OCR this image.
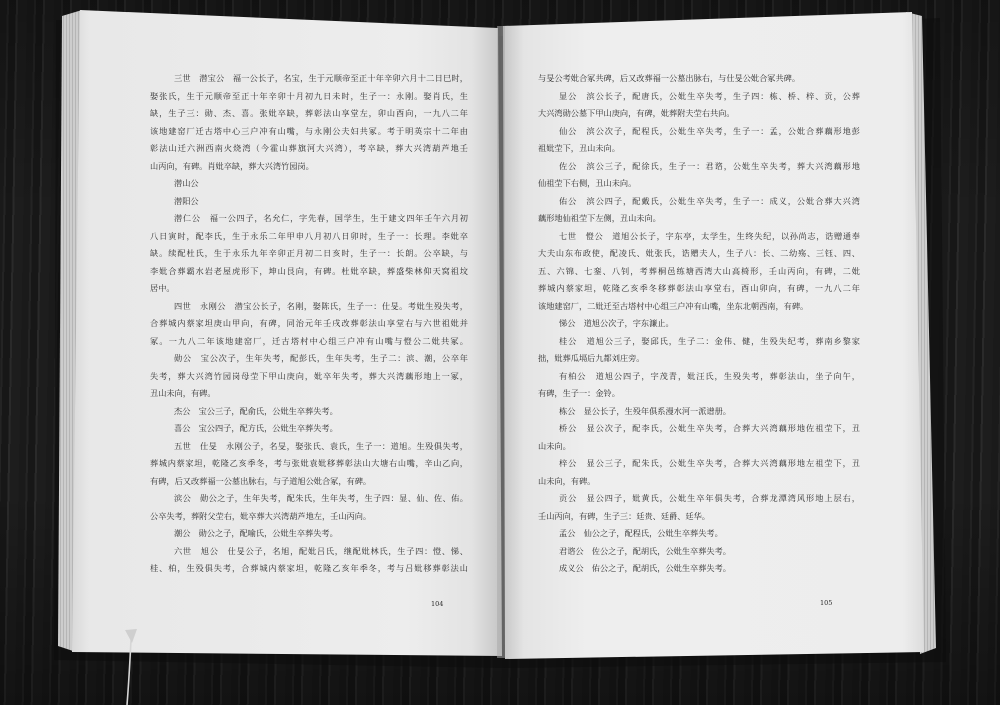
三世　潜宝公　福一公长子，名宝，生于元顺帝至正十年辛卯六月十二日巳时，
娶张氏，生于元顺帝至正十年辛卯十月初九日未时，生子一：永刚。娶肖氏，生
缺，生子三：勋、杰、喜。张妣卒缺，葬彰法山享堂左，卯山酉向，一九八二年
该地建窑厂迁古塔中心三户冲有山嘴，与永刚公夫妇共冢。考于明英宗十二年由
彰法山迁六洲西南火烧湾（今霍山葬旗河大兴湾），考卒缺，葬大兴湾葫芦地壬
山丙向，有碑。肖妣卒缺，葬大兴湾竹园岗。
潜山公
潜阳公
潜仁公　福一公四子，名允仁，字先春，国学生，生于建文四年壬午六月初
八日寅时，配李氏，生于永乐二年甲申八月初八日卯时，生子一：长理。李妣卒
缺。续配杜氏，生于永乐九年辛卯正月初二日亥时，生子一：长朗。公卒缺，与
李妣合葬霸水岩老屋虎形下，坤山艮向，有碑。杜妣卒缺，葬盛柴林仰天窝祖坟
居中。
四世　永刚公　潜宝公长子，名刚，娶陈氏，生子一：仕旻。考妣生殁失考，
合葬城内蔡家坦庚山甲向，有碑，同治元年壬戌改葬彰法山享堂右与六世祖妣并
冢。一九八二年该地建窑厂，迁古塔村中心组三户冲有山嘴与憕公二妣共冢。
勋公　宝公次子，生年失考，配彭氏，生年失考，生子二：滨、潮，公卒年
失考，葬大兴湾竹园岗母茔下甲山庚向，妣卒年失考，葬大兴湾藕形地上一冢，
丑山未向，有碑。
杰公　宝公三子，配俞氏，公妣生卒葬失考。
喜公　宝公四子，配方氏，公妣生卒葬失考。
五世　仕旻　永刚公子，名旻，娶张氏、袁氏，生子一：道旭。生殁俱失考，
葬城内蔡家坦，乾隆乙亥季冬，考与张妣袁妣移葬彰法山大塘右山嘴，辛山乙向，
有碑，后又改葬福一公墓出脉右，与子道旭公妣合冢，有碑。
滨公　勋公之子，生年失考，配朱氏，生年失考，生子四：显、仙、佐、佑。
公卒失考，葬附父茔右，妣卒葬大兴湾葫芦地左，壬山丙向。
潮公　勋公之子，配喻氏，公妣生卒葬失考。
六世　旭公　仕旻公子，名旭，配妣吕氏，继配妣林氏，生子四：憕、悌、
桂、柏，生殁俱失考，合葬城内蔡家坦，乾隆乙亥年季冬，考与吕妣移葬彰法山
104
与旻公考妣合冢共碑，后又改葬福一公墓出脉右，与仕旻公妣合冢共碑。
显公　滨公长子，配唐氏，公妣生卒失考，生子四：栋、桥、梓、贡，公葬
大兴湾勋公墓下甲山庚向，有碑，妣葬附夫茔右共向。
仙公　滨公次子，配程氏，公妣生卒失考，生子一：孟，公妣合葬藕形地彭
祖妣茔下，丑山未向。
佐公　滨公三子，配徐氏，生子一：君谘，公妣生卒失考，葬大兴湾藕形地
仙祖茔下右侧，丑山未向。
佑公　滨公四子，配戴氏，公妣生卒失考，生子一：成义，公妣合葬大兴湾
藕形地仙祖茔下左侧，丑山未向。
七世　憕公　道旭公长子，字东亭，太学生，生终失纪，以孙尚志，诰赠通奉
大夫山东布政使，配凌氏、妣张氏，诰赠夫人，生子八：长、二幼殇、三钰、四、
五、六锦、七銮、八钊，考葬桐邑练塘西湾大山高椅形，壬山丙向，有碑，二妣
葬城内蔡家坦，乾隆乙亥季冬移葬彰法山享堂右，酉山卯向，有碑，一九八二年
该地建窑厂，二妣迁至古塔村中心组三户冲有山嘴，坐东北朝西南，有碑。
悌公　道旭公次子，字东濂止。
桂公　道旭公三子，娶邱氏，生子二：金伟、健，生殁失纪考，葬南乡黎家
拙，妣葬瓜塥后九都刘庄旁。
有柏公　道旭公四子，字茂青，妣汪氏，生殁失考，葬彰法山，坐子向午，
有碑，生子一：金铃。
栋公　显公长子，生殁年俱系漫水河一派谱册。
桥公　显公次子，配李氏，公妣生卒失考，合葬大兴湾藕形地佐祖茔下，丑
山未向。
梓公　显公三子，配朱氏，公妣生卒失考，合葬大兴湾藕形地左祖茔下，丑
山未向，有碑。
贡公　显公四子，妣黄氏，公妣生卒年俱失考，合葬龙潭湾风形地上层右，
壬山丙向，有碑，生子三：廷贵、廷爵、廷华。
孟公　仙公之子，配程氏，公妣生卒葬失考。
君谘公　佐公之子，配胡氏，公妣生卒葬失考。
成义公　佑公之子，配胡氏，公妣生卒葬失考。
105
